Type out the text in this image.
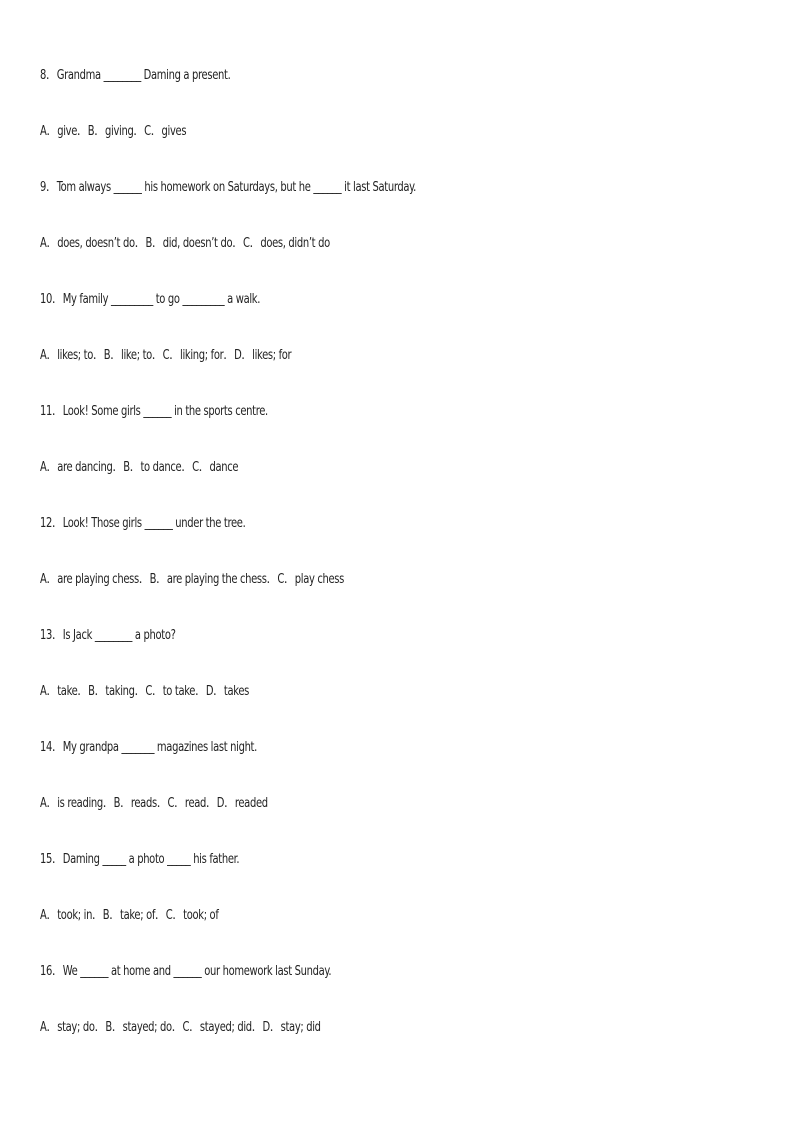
8．Grandma ________ Daming a present.
A．give．B．giving．C．gives
9．Tom always ______ his homework on Saturdays, but he ______ it last Saturday.
A．does, doesn’t do．B．did, doesn’t do．C．does, didn’t do
10．My family _________ to go _________ a walk.
A．likes; to．B．like; to．C．liking; for．D．likes; for
11．Look! Some girls ______ in the sports centre.
A．are dancing．B．to dance．C．dance
12．Look! Those girls ______ under the tree.
A．are playing chess．B．are playing the chess．C．play chess
13．Is Jack ________ a photo?
A．take．B．taking．C．to take．D．takes
14．My grandpa _______ magazines last night.
A．is reading．B．reads．C．read．D．readed
15．Daming _____ a photo _____ his father.
A．took; in．B．take; of．C．took; of
16．We ______ at home and ______ our homework last Sunday.
A．stay; do．B．stayed; do．C．stayed; did．D．stay; did
